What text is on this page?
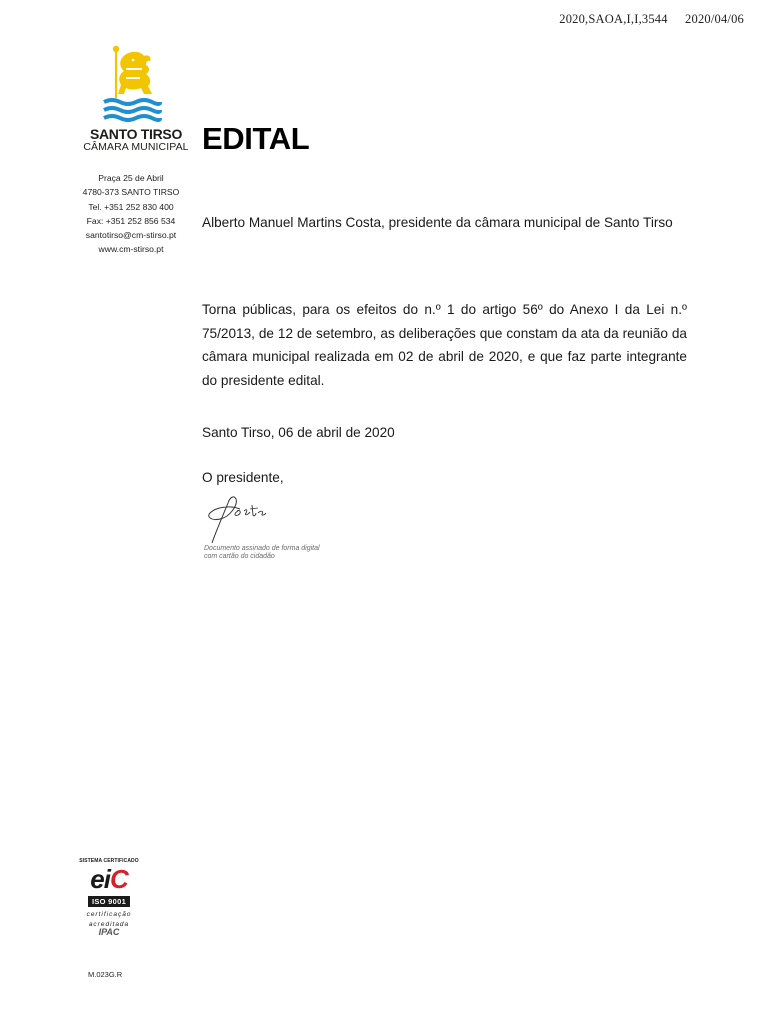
2020,SAOA,I,I,3544 2020/04/06
SANTO TIRSO
CÂMARA MUNICIPAL
Praça 25 de Abril
4780-373 SANTO TIRSO
Tel. +351 252 830 400
Fax: +351 252 856 534
santotirso@cm-stirso.pt
www.cm-stirso.pt
EDITAL
Alberto Manuel Martins Costa, presidente da câmara municipal de Santo Tirso
Torna públicas, para os efeitos do n.º 1 do artigo 56º do Anexo I da Lei n.º 75/2013, de 12 de setembro, as deliberações que constam da ata da reunião da câmara municipal realizada em 02 de abril de 2020, e que faz parte integrante do presidente edital.
Santo Tirso, 06 de abril de 2020
O presidente,
Documento assinado de forma digital
com cartão do cidadão
SISTEMA CERTIFICADO
eiC
ISO 9001
certificação
acreditada
IPAC
M.023G.R
